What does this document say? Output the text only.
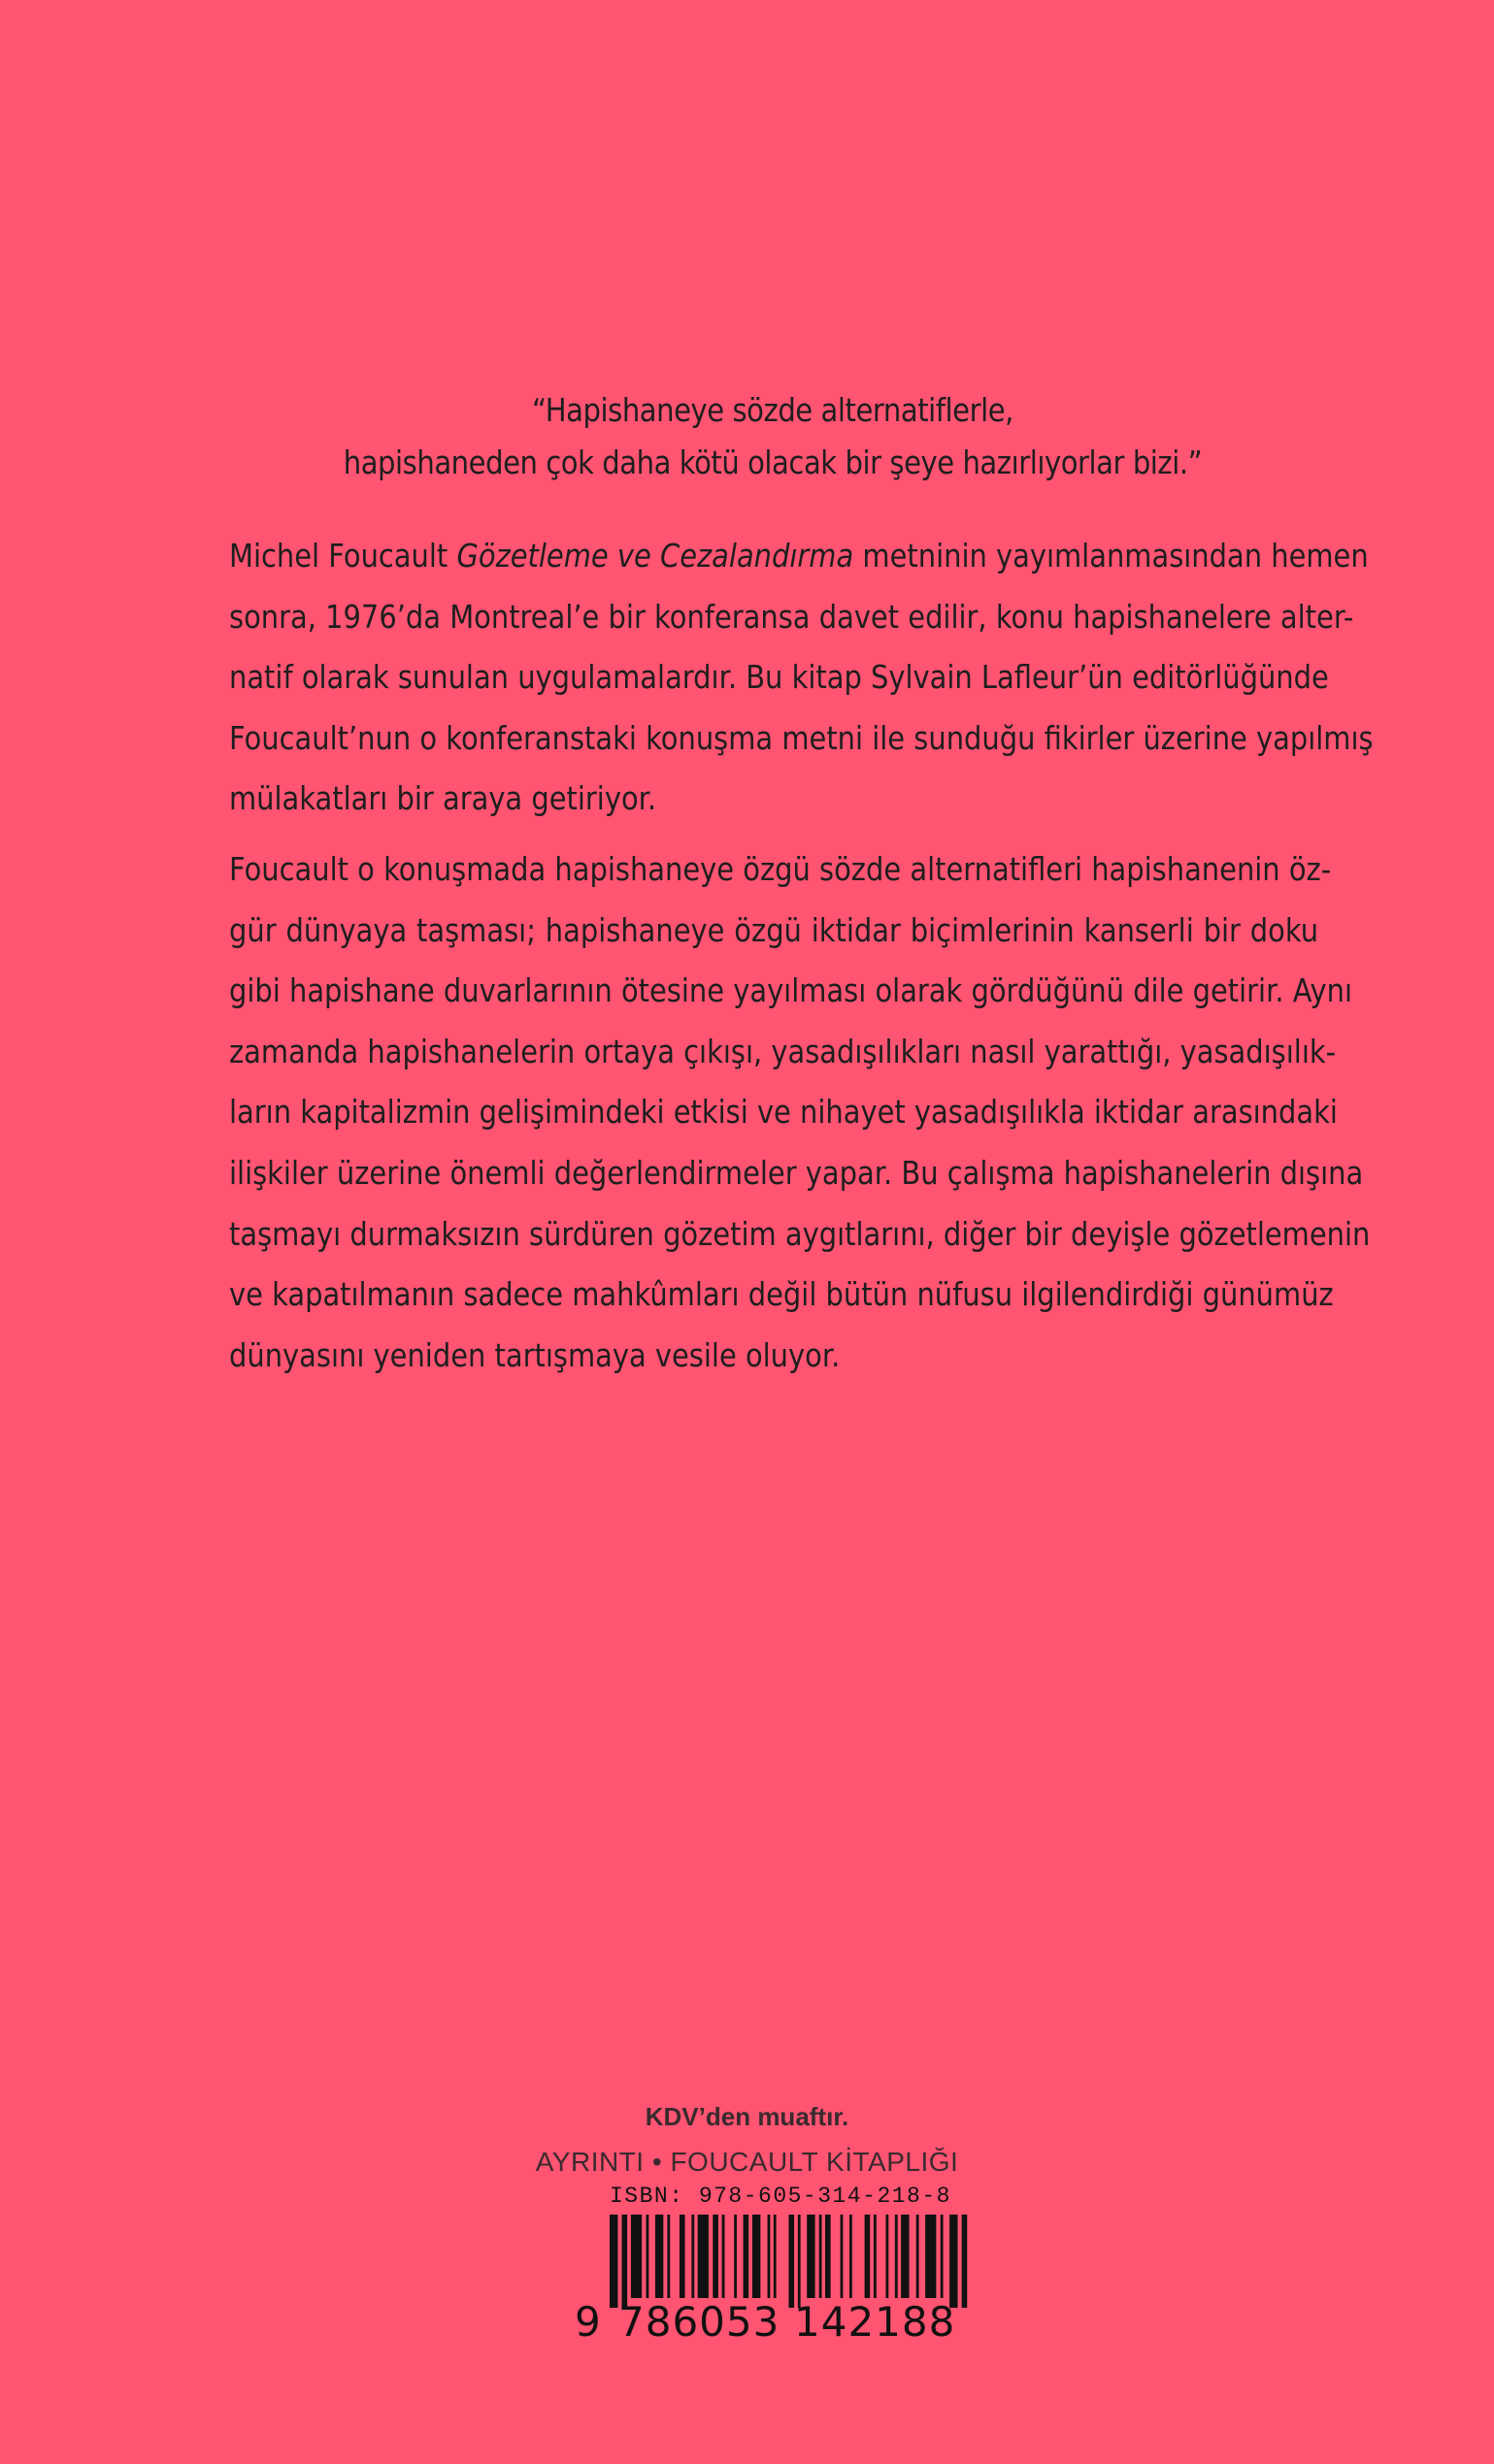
“Hapishaneye sözde alternatiflerle,
hapishaneden çok daha kötü olacak bir şeye hazırlıyorlar bizi.”

Michel Foucault Gözetleme ve Cezalandırma metninin yayımlanmasından hemen
sonra, 1976’da Montreal’e bir konferansa davet edilir, konu hapishanelere alter-
natif olarak sunulan uygulamalardır. Bu kitap Sylvain Lafleur’ün editörlüğünde
Foucault’nun o konferanstaki konuşma metni ile sunduğu fikirler üzerine yapılmış
mülakatları bir araya getiriyor.

Foucault o konuşmada hapishaneye özgü sözde alternatifleri hapishanenin öz-
gür dünyaya taşması; hapishaneye özgü iktidar biçimlerinin kanserli bir doku
gibi hapishane duvarlarının ötesine yayılması olarak gördüğünü dile getirir. Aynı
zamanda hapishanelerin ortaya çıkışı, yasadışılıkları nasıl yarattığı, yasadışılık-
ların kapitalizmin gelişimindeki etkisi ve nihayet yasadışılıkla iktidar arasındaki
ilişkiler üzerine önemli değerlendirmeler yapar. Bu çalışma hapishanelerin dışına
taşmayı durmaksızın sürdüren gözetim aygıtlarını, diğer bir deyişle gözetlemenin
ve kapatılmanın sadece mahkûmları değil bütün nüfusu ilgilendirdiği günümüz
dünyasını yeniden tartışmaya vesile oluyor.

KDV’den muaftır.
AYRINTI • FOUCAULT KİTAPLIĞI
ISBN: 978-605-314-218-8
9 786053 142188
